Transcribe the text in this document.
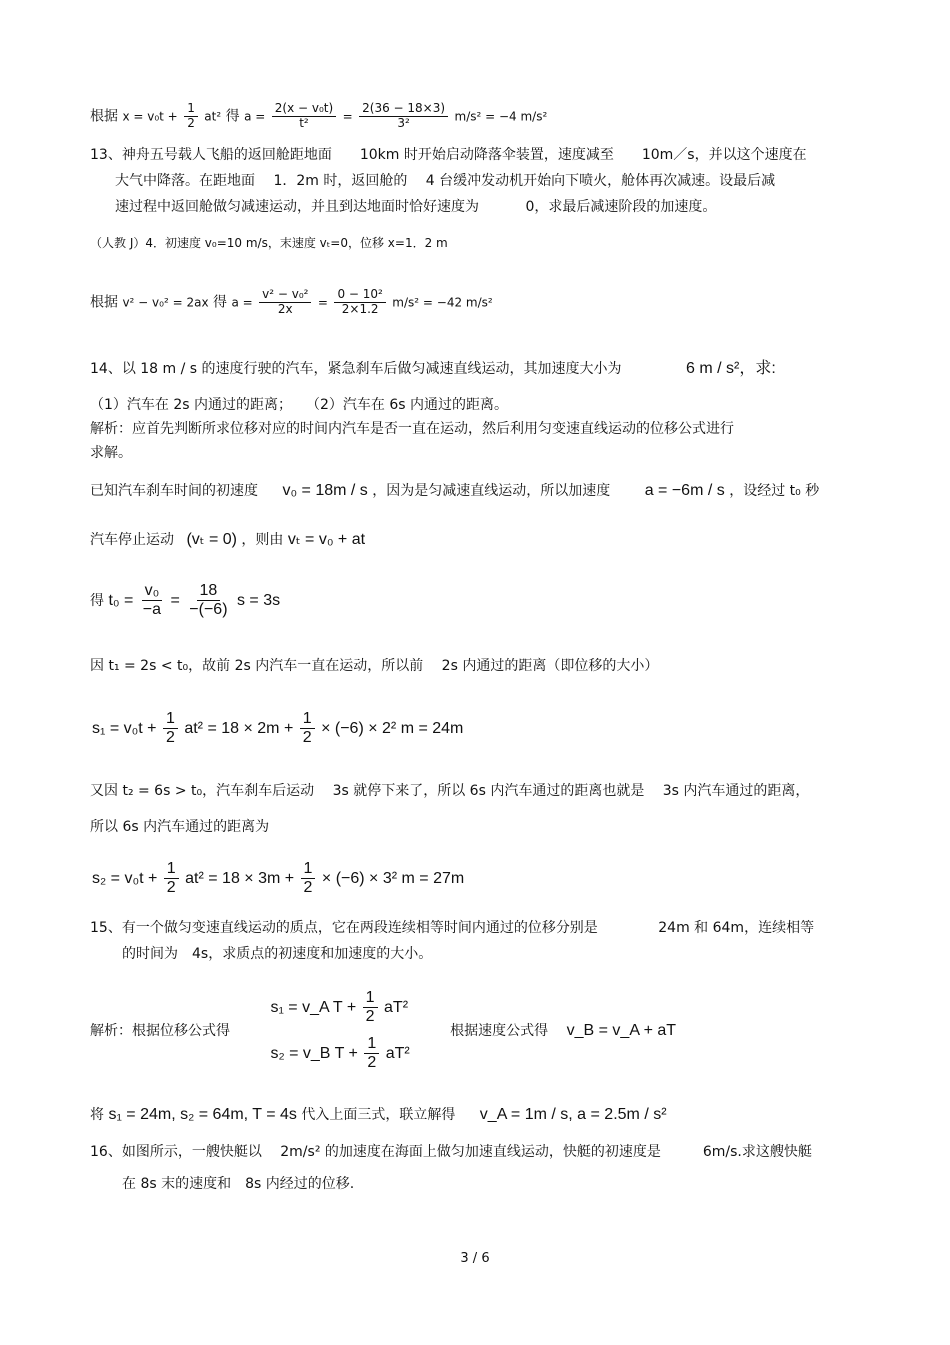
根据 $x = v_0t + \frac{1}{2} at^2$ 得 $a = \frac{\text{2(x − v₀t)}}{\text{t²}} = \frac{2(36 - 18\times 3)}{\text{3²}} m/s^2 = -4$ m/s²
13、神舟五号载人飞船的返回舱距地面　　10km 时开始启动降落伞装置，速度减至　　10m／s，并以这个速度在
大气中降落。在距地面　 1．2m 时，返回舱的　 4 台缓冲发动机开始向下喷火，舱体再次减速。设最后减
速过程中返回舱做匀减速运动，并且到达地面时恰好速度为　　　 0，求最后减速阶段的加速度。
（人教 J）4．初速度 v₀=10 m/s，末速度 vₜ=0，位移 x=1．2 m
根据 v² − v₀² = 2ax 得 $a = \frac{\text{v² − v₀²}}{2x} = \frac{\text{0 − 10²}}{2\times 1.2} m/s^2 = -42$ m/s²
14、以 18 m / s 的速度行驶的汽车，紧急刹车后做匀减速直线运动，其加速度大小为	6 m / s²，求:
（1）汽车在 2s 内通过的距离；　　（2）汽车在 6s 内通过的距离。
解析：应首先判断所求位移对应的时间内汽车是否一直在运动，然后利用匀变速直线运动的位移公式进行
求解。
已知汽车刹车时间的初速度 v₀ = 18m / s ，因为是匀减速直线运动，所以加速度 a = −6m / s ，设经过 t₀ 秒
汽车停止运动 (vₜ = 0) ，则由 vₜ = v₀ + at
得 $t_0 = \frac{\text{v₀}}{-a} = \frac{18}{-(-6)}$ s = 3s
因 t₁ = 2s < t₀，故前 2s 内汽车一直在运动，所以前　 2s 内通过的距离（即位移的大小）
$s_1 = v_0t + \frac{1}{2} at^2 = 18 \times 2m + \frac{1}{2} \times (-6) \times 2^2$ m = 24m
又因 t₂ = 6s > t₀，汽车刹车后运动　 3s 就停下来了，所以 6s 内汽车通过的距离也就是　 3s 内汽车通过的距离，
所以 6s 内汽车通过的距离为
$s_2 = v_0t + \frac{1}{2} at^2 = 18 \times 3m + \frac{1}{2} \times (-6) \times 3^2$ m = 27m
15、有一个做匀变速直线运动的质点，它在两段连续相等时间内通过的位移分别是　　　　 24m 和 64m，连续相等
的时间为　4s，求质点的初速度和加速度的大小。
解析：根据位移公式得
s₁ = v_A $T + \frac{1}{2} aT^2$
s₂ = v_B $T + \frac{1}{2} aT^2$
根据速度公式得 v_B = v_A + aT
将 s₁ = 24m, s₂ = 64m, T = 4s 代入上面三式，联立解得 v_A = 1m / s, a = 2.5m / s²
16、如图所示，一艘快艇以　 2m/s² 的加速度在海面上做匀加速直线运动，快艇的初速度是　　　6m/s.求这艘快艇
在 8s 末的速度和　8s 内经过的位移.
3 / 6
